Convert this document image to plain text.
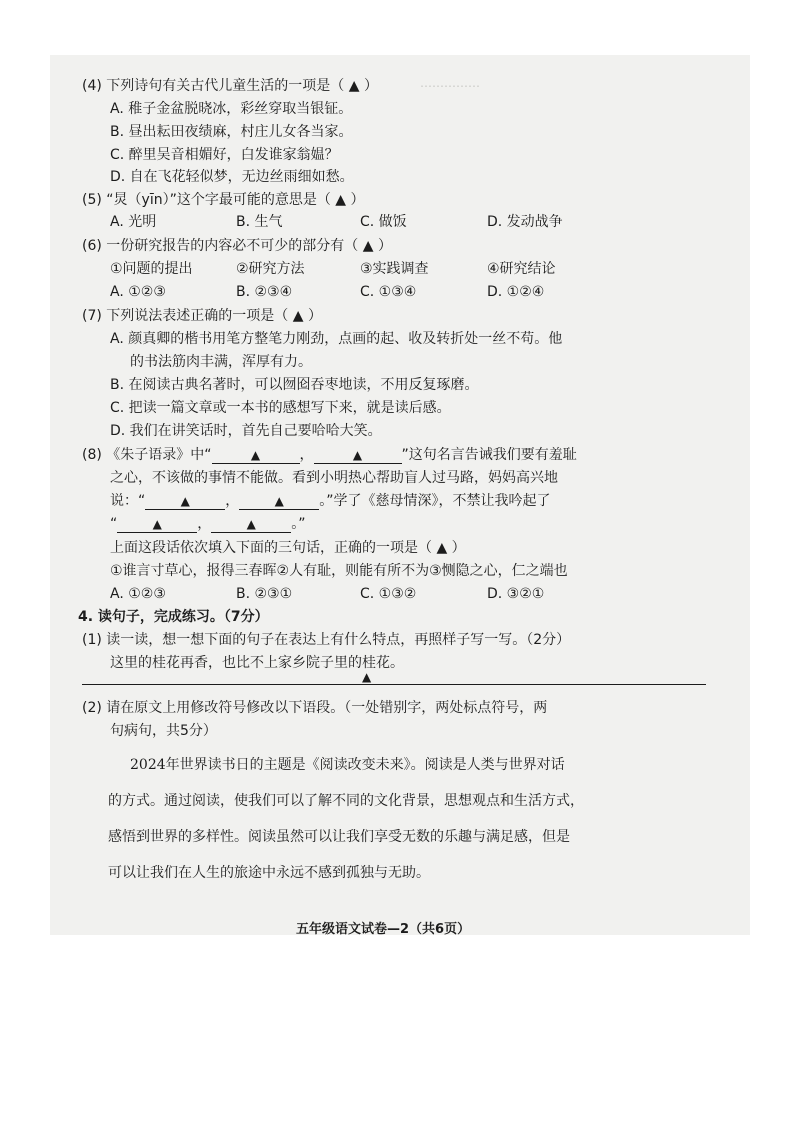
……………
(4) 下列诗句有关古代儿童生活的一项是（ ▲ ）
A. 稚子金盆脱晓冰，彩丝穿取当银钲。
B. 昼出耘田夜绩麻，村庄儿女各当家。
C. 醉里吴音相媚好，白发谁家翁媪？
D. 自在飞花轻似梦，无边丝雨细如愁。
(5) “炅（yīn）”这个字最可能的意思是（ ▲ ）
A. 光明	B. 生气	C. 做饭	D. 发动战争
(6) 一份研究报告的内容必不可少的部分有（ ▲ ）
①问题的提出	②研究方法	③实践调查	④研究结论
A. ①②③	B. ②③④	C. ①③④	D. ①②④
(7) 下列说法表述正确的一项是（ ▲ ）
A. 颜真卿的楷书用笔方整笔力刚劲，点画的起、收及转折处一丝不苟。他
的书法筋肉丰满，浑厚有力。
B. 在阅读古典名著时，可以囫囵吞枣地读，不用反复琢磨。
C. 把读一篇文章或一本书的感想写下来，就是读后感。
D. 我们在讲笑话时，首先自己要哈哈大笑。
(8) 《朱子语录》中“	▲	，	▲	”这句名言告诫我们要有羞耻
之心，不该做的事情不能做。看到小明热心帮助盲人过马路，妈妈高兴地
说：“	▲	，	▲	。”学了《慈母情深》，不禁让我吟起了
“	▲	，	▲	。”
上面这段话依次填入下面的三句话，正确的一项是（ ▲ ）
①谁言寸草心，报得三春晖②人有耻，则能有所不为③恻隐之心，仁之端也
A. ①②③	B. ②③①	C. ①③②	D. ③②①
4. 读句子，完成练习。（7分）
(1) 读一读，想一想下面的句子在表达上有什么特点，再照样子写一写。（2分）
这里的桂花再香，也比不上家乡院子里的桂花。
▲
(2) 请在原文上用修改符号修改以下语段。（一处错别字，两处标点符号，两
句病句，共5分）
2024年世界读书日的主题是《阅读改变未来》。阅读是人类与世界对话
的方式。通过阅读，使我们可以了解不同的文化背景，思想观点和生活方式，
感悟到世界的多样性。阅读虽然可以让我们享受无数的乐趣与满足感，但是
可以让我们在人生的旅途中永远不感到孤独与无助。
五年级语文试卷—2（共6页）
